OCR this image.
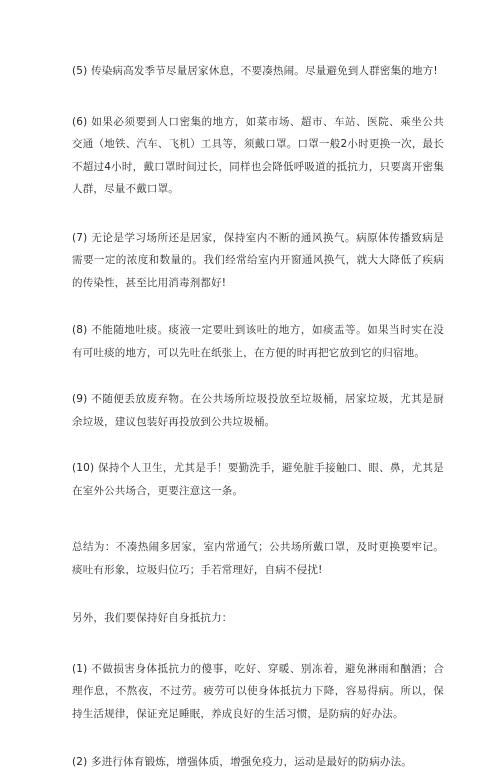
(5) 传染病高发季节尽量居家休息，不要凑热闹。尽量避免到人群密集的地方!

(6) 如果必须要到人口密集的地方，如菜市场、超市、车站、医院、乘坐公共交通（地铁、汽车、飞机）工具等，须戴口罩。口罩一般2小时更换一次，最长不超过4小时，戴口罩时间过长，同样也会降低呼吸道的抵抗力，只要离开密集人群，尽量不戴口罩。

(7) 无论是学习场所还是居家，保持室内不断的通风换气。病原体传播致病是需要一定的浓度和数量的。我们经常给室内开窗通风换气，就大大降低了疾病的传染性，甚至比用消毒剂都好!

(8) 不能随地吐痰。痰液一定要吐到该吐的地方，如痰盂等。如果当时实在没有可吐痰的地方，可以先吐在纸张上，在方便的时再把它放到它的归宿地。

(9) 不随便丢放废弃物。在公共场所垃圾投放至垃圾桶，居家垃圾，尤其是厨余垃圾，建议包装好再投放到公共垃圾桶。

(10) 保持个人卫生，尤其是手！要勤洗手，避免脏手接触口、眼、鼻，尤其是在室外公共场合，更要注意这一条。

总结为：不凑热闹多居家，室内常通气；公共场所戴口罩，及时更换要牢记。痰吐有形象，垃圾归位巧；手若常理好，自病不侵扰!

另外，我们要保持好自身抵抗力：

(1) 不做损害身体抵抗力的傻事，吃好、穿暖、别冻着，避免淋雨和酗酒；合理作息，不熬夜，不过劳。疲劳可以使身体抵抗力下降，容易得病。所以，保持生活规律，保证充足睡眠，养成良好的生活习惯，是防病的好办法。

(2) 多进行体育锻炼，增强体质，增强免疫力，运动是最好的防病办法。
